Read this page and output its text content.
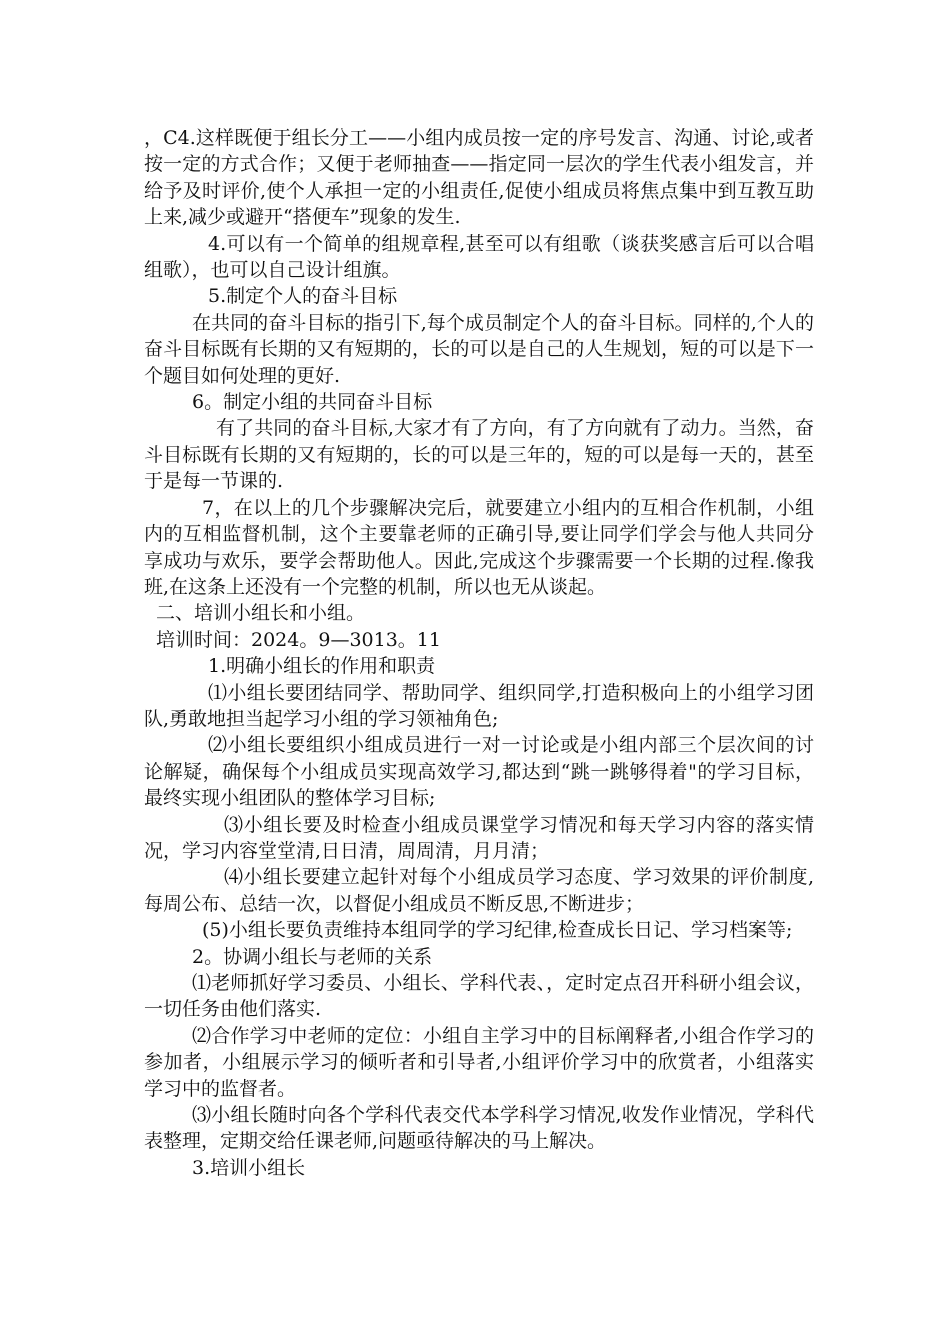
，C4.这样既便于组长分工——小组内成员按一定的序号发言、沟通、讨论,或者按一定的方式合作；又便于老师抽查——指定同一层次的学生代表小组发言，并给予及时评价,使个人承担一定的小组责任,促使小组成员将焦点集中到互教互助上来,减少或避开“搭便车”现象的发生.

4.可以有一个简单的组规章程,甚至可以有组歌（谈获奖感言后可以合唱组歌），也可以自己设计组旗。

5.制定个人的奋斗目标

在共同的奋斗目标的指引下,每个成员制定个人的奋斗目标。同样的,个人的奋斗目标既有长期的又有短期的，长的可以是自己的人生规划，短的可以是下一个题目如何处理的更好.

6。制定小组的共同奋斗目标

有了共同的奋斗目标,大家才有了方向，有了方向就有了动力。当然，奋斗目标既有长期的又有短期的，长的可以是三年的，短的可以是每一天的，甚至于是每一节课的.

7，在以上的几个步骤解决完后，就要建立小组内的互相合作机制，小组内的互相监督机制，这个主要靠老师的正确引导,要让同学们学会与他人共同分享成功与欢乐，要学会帮助他人。因此,完成这个步骤需要一个长期的过程.像我班,在这条上还没有一个完整的机制，所以也无从谈起。

二、培训小组长和小组。

培训时间：2024。9—3013。11

1.明确小组长的作用和职责

⑴小组长要团结同学、帮助同学、组织同学,打造积极向上的小组学习团队,勇敢地担当起学习小组的学习领袖角色;

⑵小组长要组织小组成员进行一对一讨论或是小组内部三个层次间的讨论解疑，确保每个小组成员实现高效学习,都达到“跳一跳够得着"的学习目标，最终实现小组团队的整体学习目标;

⑶小组长要及时检查小组成员课堂学习情况和每天学习内容的落实情况，学习内容堂堂清,日日清，周周清，月月清；

⑷小组长要建立起针对每个小组成员学习态度、学习效果的评价制度,每周公布、总结一次，以督促小组成员不断反思,不断进步；

(5)小组长要负责维持本组同学的学习纪律,检查成长日记、学习档案等;

2。协调小组长与老师的关系

⑴老师抓好学习委员、小组长、学科代表、，定时定点召开科研小组会议，一切任务由他们落实.

⑵合作学习中老师的定位：小组自主学习中的目标阐释者,小组合作学习的参加者，小组展示学习的倾听者和引导者,小组评价学习中的欣赏者，小组落实学习中的监督者。

⑶小组长随时向各个学科代表交代本学科学习情况,收发作业情况，学科代表整理，定期交给任课老师,问题亟待解决的马上解决。

3.培训小组长
